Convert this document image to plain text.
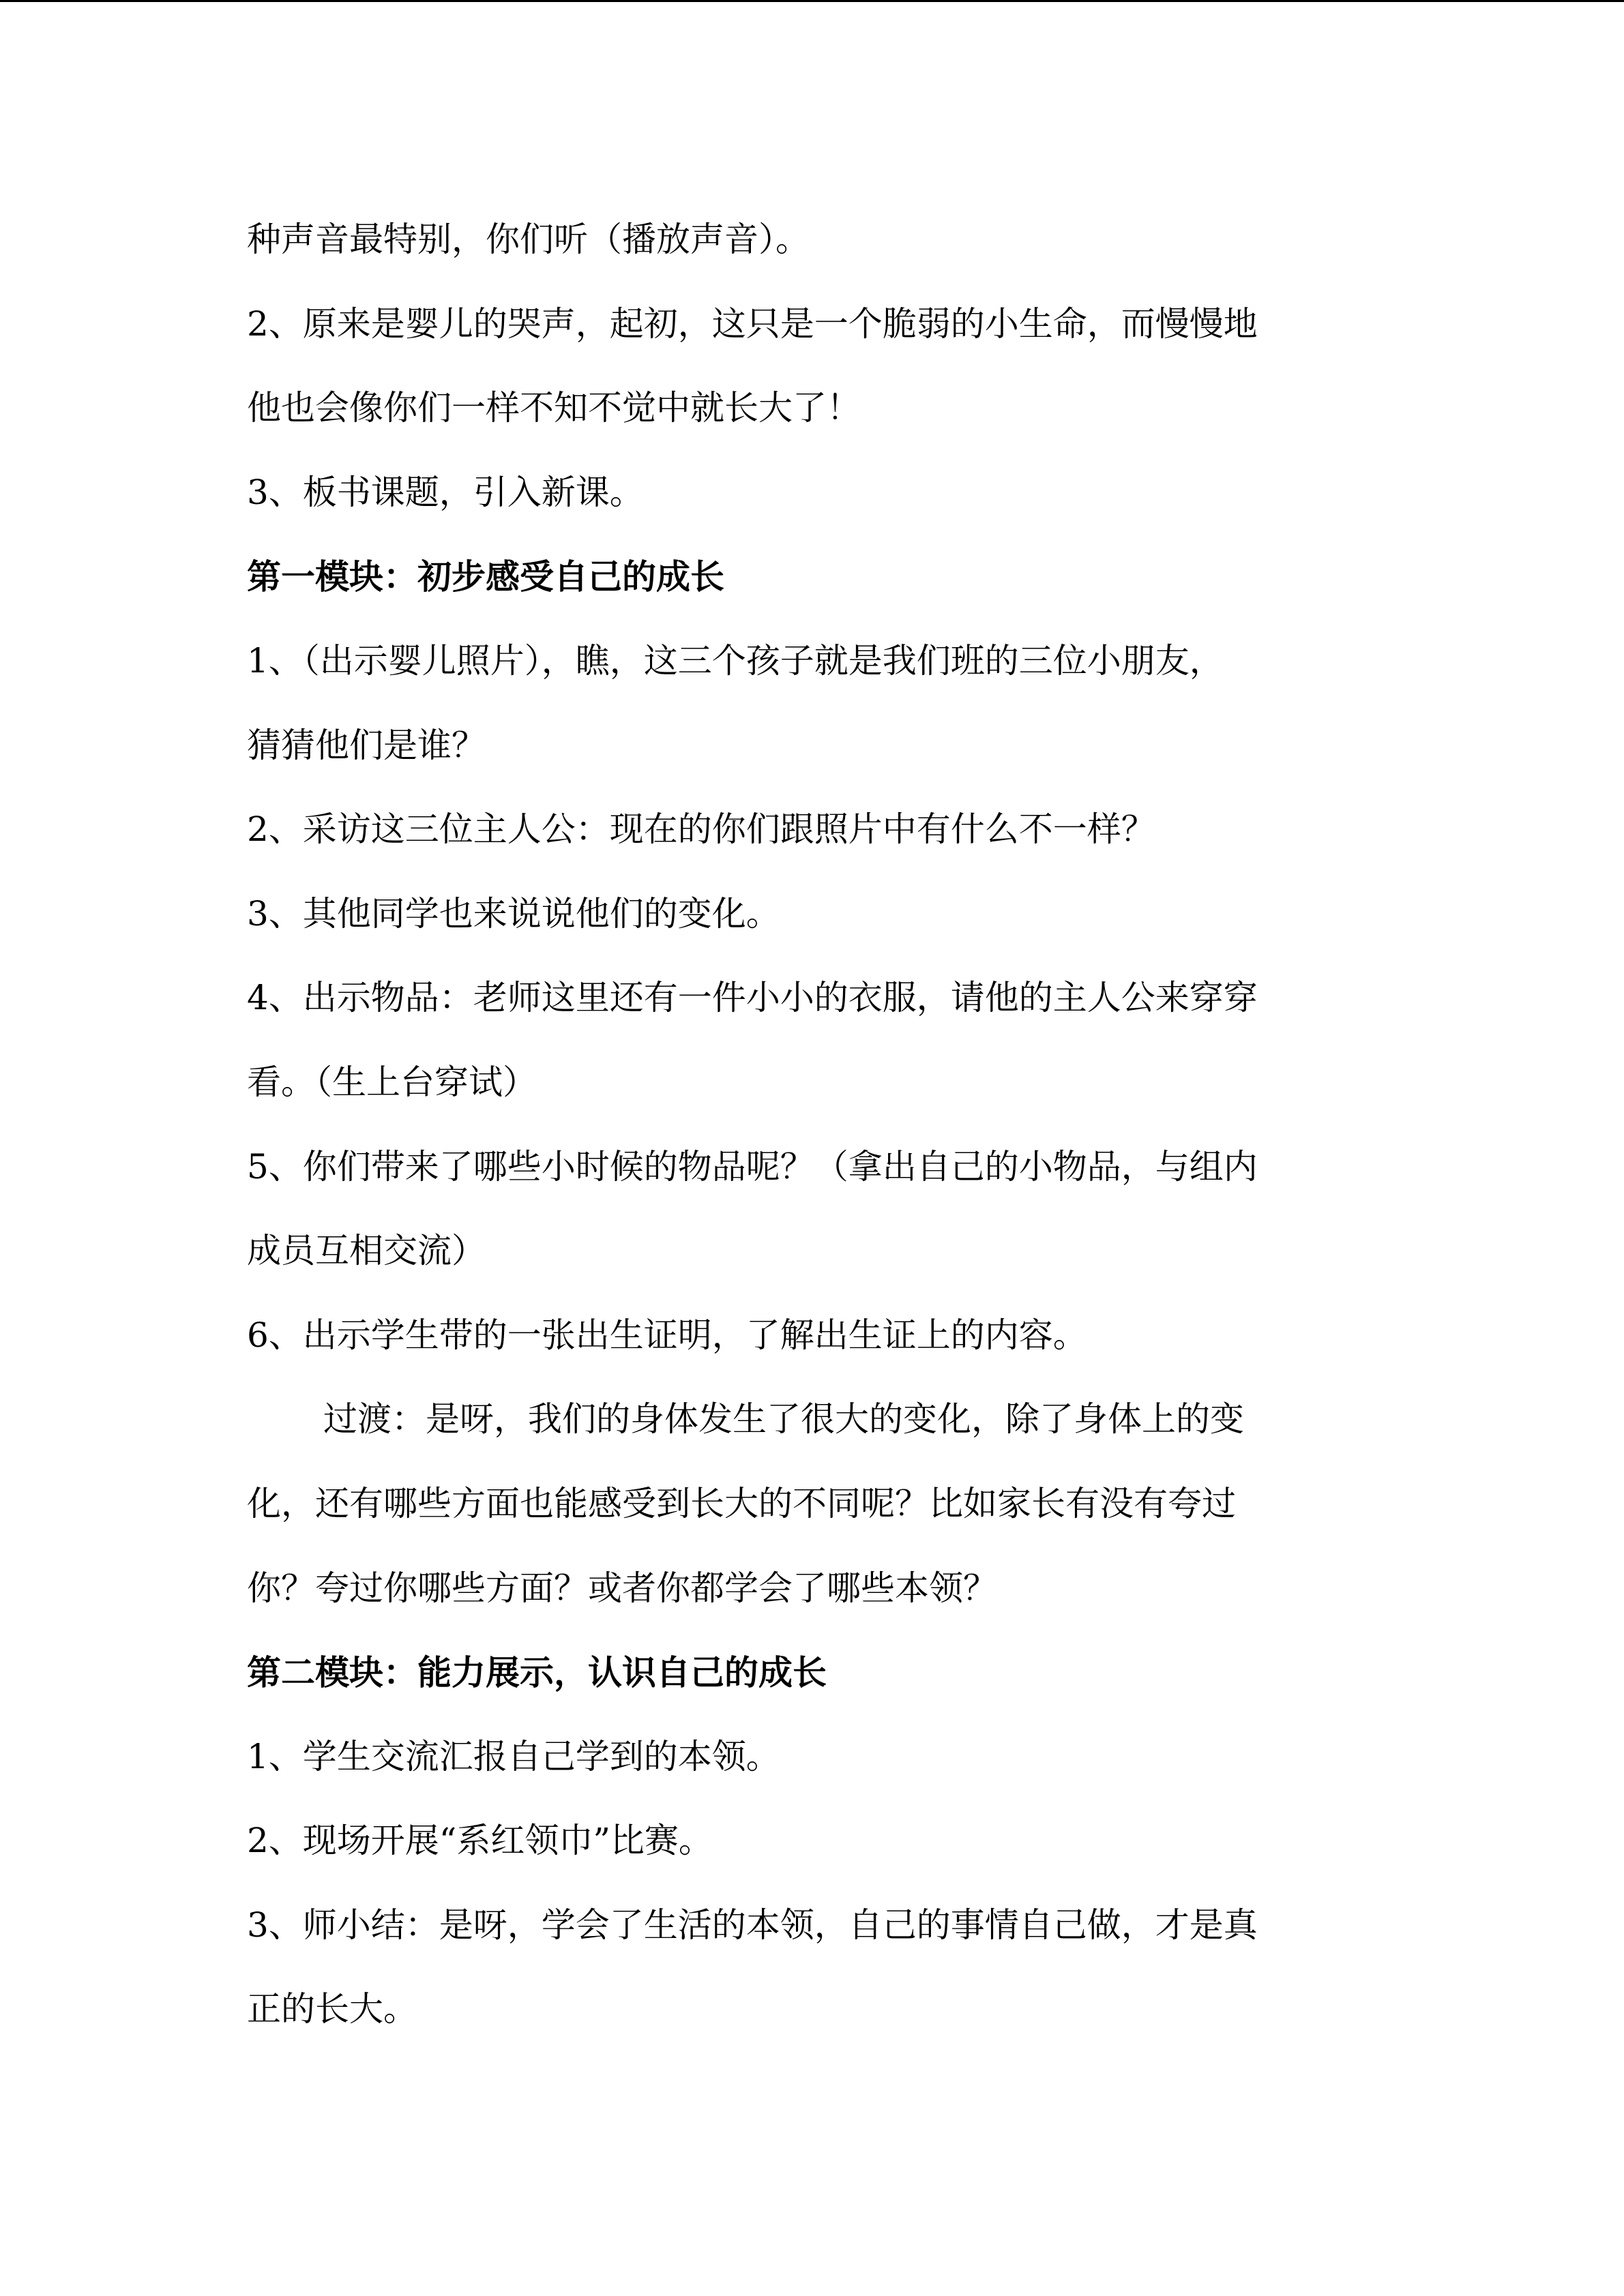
种声音最特别，你们听（播放声音）。
2、原来是婴儿的哭声，起初，这只是一个脆弱的小生命，而慢慢地
他也会像你们一样不知不觉中就长大了！
3、板书课题，引入新课。
第一模块：初步感受自己的成长
1、（出示婴儿照片），瞧，这三个孩子就是我们班的三位小朋友，
猜猜他们是谁？
2、采访这三位主人公：现在的你们跟照片中有什么不一样？
3、其他同学也来说说他们的变化。
4、出示物品：老师这里还有一件小小的衣服，请他的主人公来穿穿
看。（生上台穿试）
5、你们带来了哪些小时候的物品呢？（拿出自己的小物品，与组内
成员互相交流）
6、出示学生带的一张出生证明，了解出生证上的内容。
过渡：是呀，我们的身体发生了很大的变化，除了身体上的变
化，还有哪些方面也能感受到长大的不同呢？比如家长有没有夸过
你？夸过你哪些方面？或者你都学会了哪些本领？
第二模块：能力展示，认识自己的成长
1、学生交流汇报自己学到的本领。
2、现场开展“系红领巾”比赛。
3、师小结：是呀，学会了生活的本领，自己的事情自己做，才是真
正的长大。
